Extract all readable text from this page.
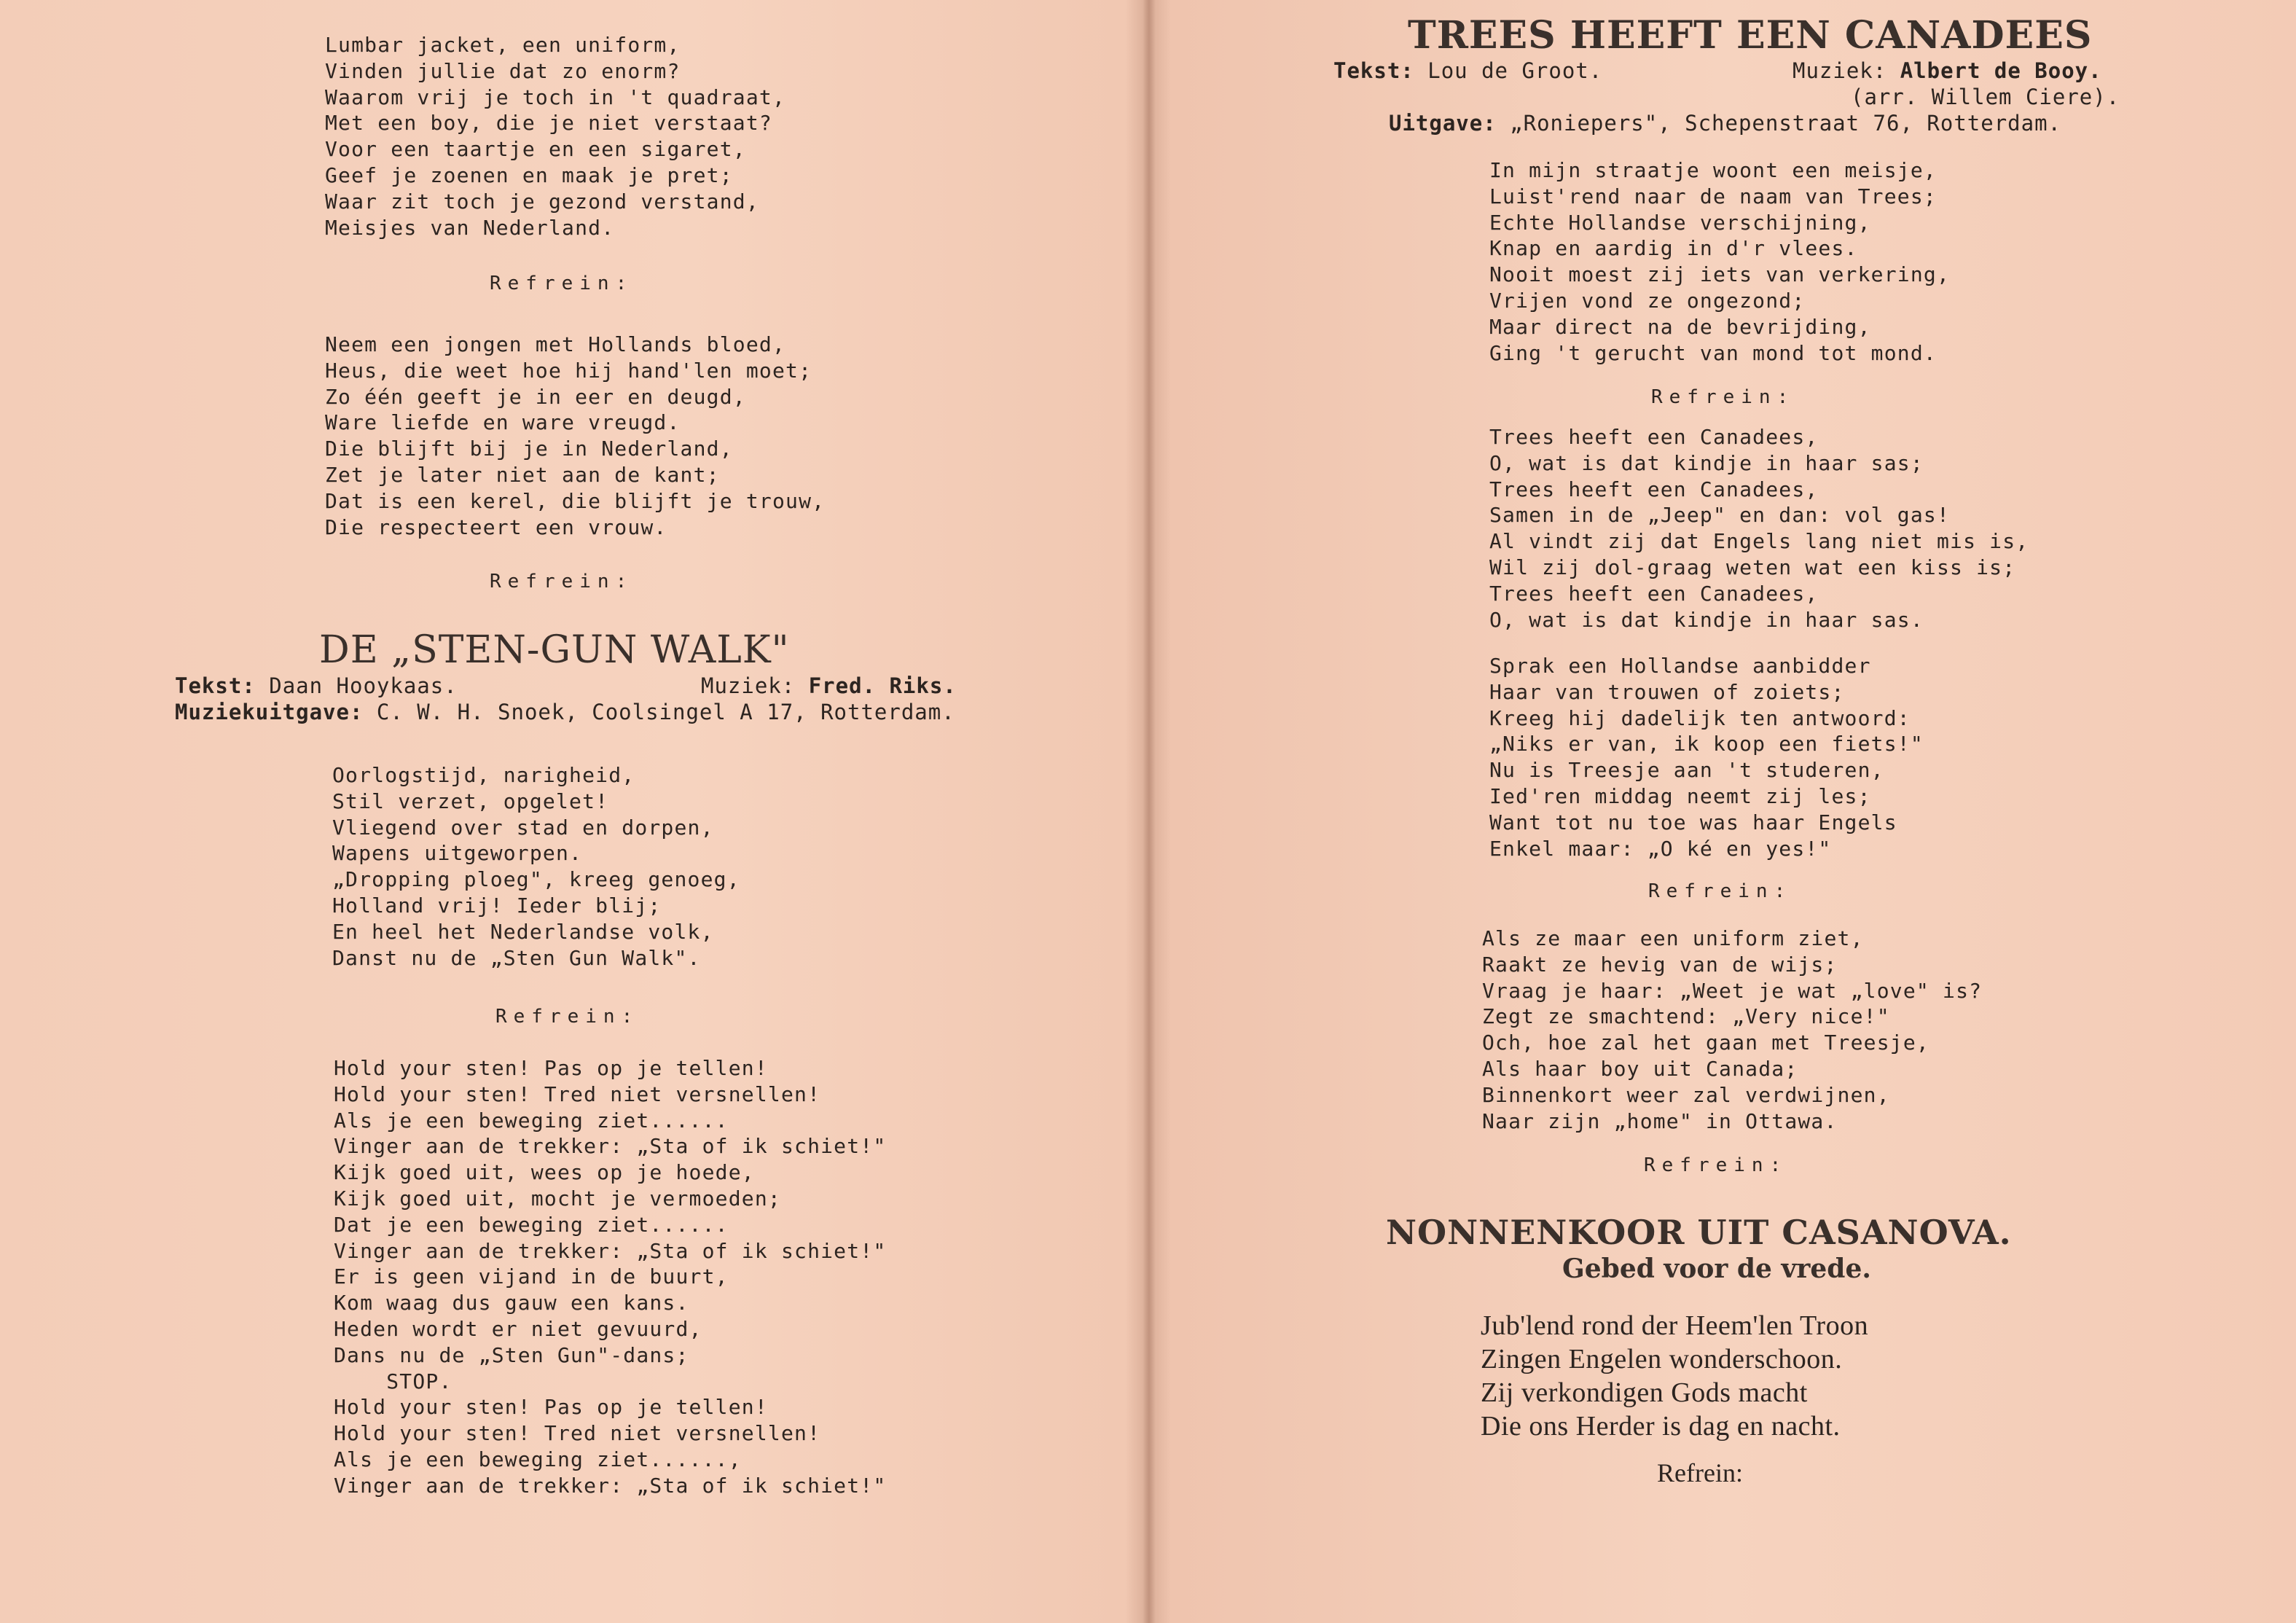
Lumbar jacket, een uniform,
Vinden jullie dat zo enorm?
Waarom vrij je toch in 't quadraat,
Met een boy, die je niet verstaat?
Voor een taartje en een sigaret,
Geef je zoenen en maak je pret;
Waar zit toch je gezond verstand,
Meisjes van Nederland.
Refrein:
Neem een jongen met Hollands bloed,
Heus, die weet hoe hij hand'len moet;
Zo één geeft je in eer en deugd,
Ware liefde en ware vreugd.
Die blijft bij je in Nederland,
Zet je later niet aan de kant;
Dat is een kerel, die blijft je trouw,
Die respecteert een vrouw.
Refrein:
DE „STEN-GUN WALK"
Tekst: Daan Hooykaas.	Muziek: Fred. Riks.
Muziekuitgave: C. W. H. Snoek, Coolsingel A 17, Rotterdam.
Oorlogstijd, narigheid,
Stil verzet, opgelet!
Vliegend over stad en dorpen,
Wapens uitgeworpen.
„Dropping ploeg", kreeg genoeg,
Holland vrij! Ieder blij;
En heel het Nederlandse volk,
Danst nu de „Sten Gun Walk".
Refrein:
Hold your sten! Pas op je tellen!
Hold your sten! Tred niet versnellen!
Als je een beweging ziet......
Vinger aan de trekker: „Sta of ik schiet!"
Kijk goed uit, wees op je hoede,
Kijk goed uit, mocht je vermoeden;
Dat je een beweging ziet......
Vinger aan de trekker: „Sta of ik schiet!"
Er is geen vijand in de buurt,
Kom waag dus gauw een kans.
Heden wordt er niet gevuurd,
Dans nu de „Sten Gun"-dans;
STOP.
Hold your sten! Pas op je tellen!
Hold your sten! Tred niet versnellen!
Als je een beweging ziet......,
Vinger aan de trekker: „Sta of ik schiet!"
TREES HEEFT EEN CANADEES
Tekst: Lou de Groot.	Muziek: Albert de Booy.
(arr. Willem Ciere).
Uitgave: „Roniepers", Schepenstraat 76, Rotterdam.
In mijn straatje woont een meisje,
Luist'rend naar de naam van Trees;
Echte Hollandse verschijning,
Knap en aardig in d'r vlees.
Nooit moest zij iets van verkering,
Vrijen vond ze ongezond;
Maar direct na de bevrijding,
Ging 't gerucht van mond tot mond.
Refrein:
Trees heeft een Canadees,
O, wat is dat kindje in haar sas;
Trees heeft een Canadees,
Samen in de „Jeep" en dan: vol gas!
Al vindt zij dat Engels lang niet mis is,
Wil zij dol-graag weten wat een kiss is;
Trees heeft een Canadees,
O, wat is dat kindje in haar sas.
Sprak een Hollandse aanbidder
Haar van trouwen of zoiets;
Kreeg hij dadelijk ten antwoord:
„Niks er van, ik koop een fiets!"
Nu is Treesje aan 't studeren,
Ied'ren middag neemt zij les;
Want tot nu toe was haar Engels
Enkel maar: „O ké en yes!"
Refrein:
Als ze maar een uniform ziet,
Raakt ze hevig van de wijs;
Vraag je haar: „Weet je wat „love" is?
Zegt ze smachtend: „Very nice!"
Och, hoe zal het gaan met Treesje,
Als haar boy uit Canada;
Binnenkort weer zal verdwijnen,
Naar zijn „home" in Ottawa.
Refrein:
NONNENKOOR UIT CASANOVA.
Gebed voor de vrede.
Jub'lend rond der Heem'len Troon
Zingen Engelen wonderschoon.
Zij verkondigen Gods macht
Die ons Herder is dag en nacht.
Refrein:
